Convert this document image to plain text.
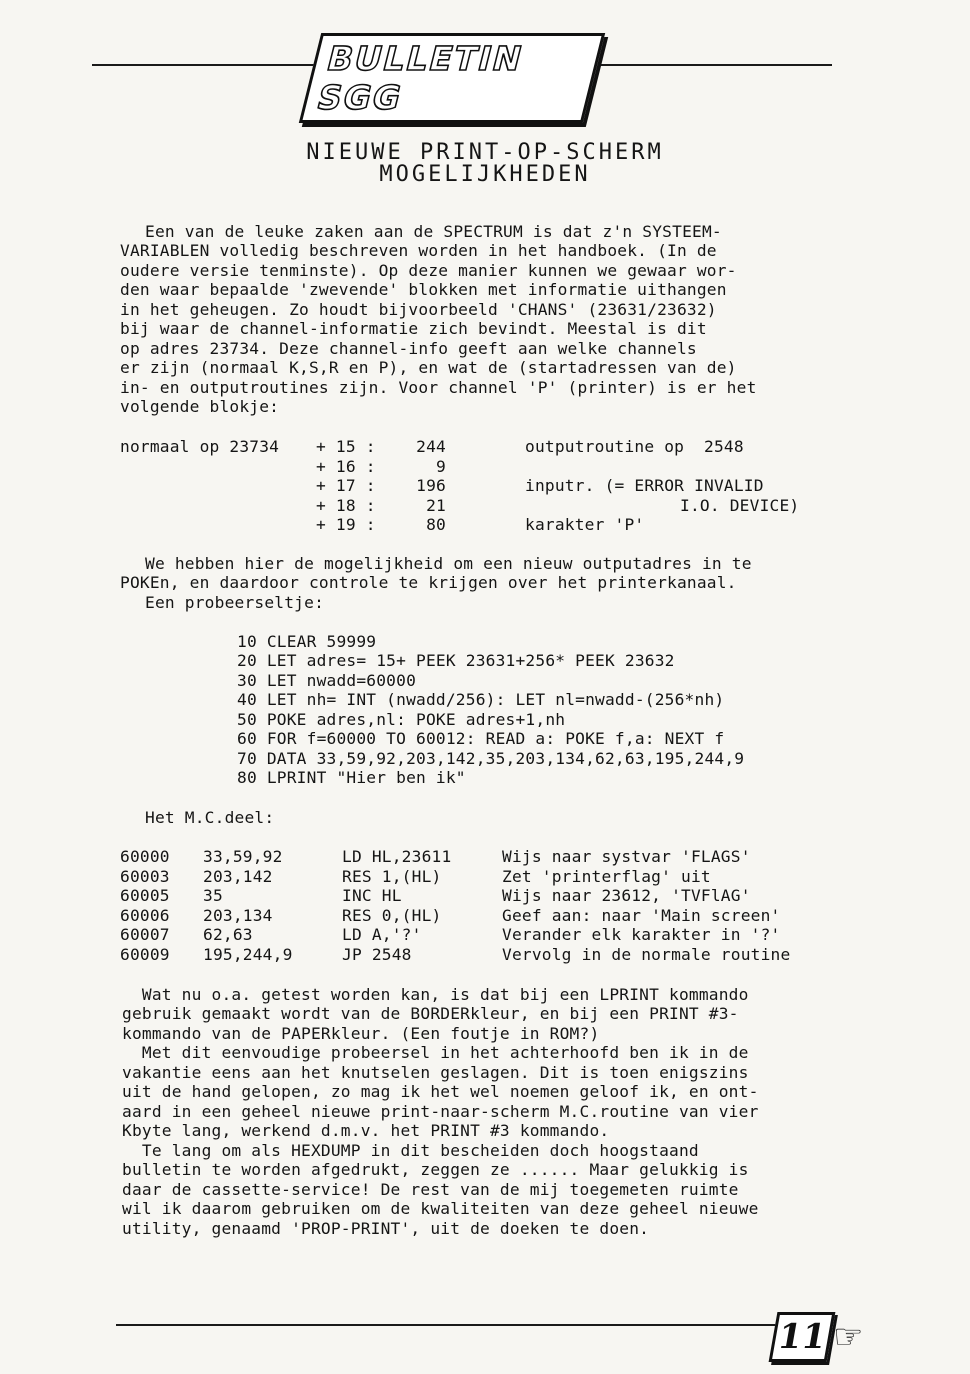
BULLETIN SGG
NIEUWE PRINT-OP-SCHERM
MOGELIJKHEDEN
Een van de leuke zaken aan de SPECTRUM is dat z'n SYSTEEM-
VARIABLEN volledig beschreven worden in het handboek. (In de
oudere versie tenminste). Op deze manier kunnen we gewaar wor-
den waar bepaalde 'zwevende' blokken met informatie uithangen
in het geheugen. Zo houdt bijvoorbeeld 'CHANS' (23631/23632)
bij waar de channel-informatie zich bevindt. Meestal is dit
op adres 23734. Deze channel-info geeft aan welke channels
er zijn (normaal K,S,R en P), en wat de (startadressen van de)
in- en outputroutines zijn. Voor channel 'P' (printer) is er het
volgende blokje:
normaal op 23734 + 15 :	244	outputroutine op  2548
+ 16 :	9
+ 17 :	196	inputr. (= ERROR INVALID
+ 18 :	21	I.O. DEVICE)
+ 19 :	80	karakter 'P'
We hebben hier de mogelijkheid om een nieuw outputadres in te
POKEn, en daardoor controle te krijgen over het printerkanaal.
Een probeerseltje:
10 CLEAR 59999
20 LET adres= 15+ PEEK 23631+256* PEEK 23632
30 LET nwadd=60000
40 LET nh= INT (nwadd/256): LET nl=nwadd-(256*nh)
50 POKE adres,nl: POKE adres+1,nh
60 FOR f=60000 TO 60012: READ a: POKE f,a: NEXT f
70 DATA 33,59,92,203,142,35,203,134,62,63,195,244,9
80 LPRINT "Hier ben ik"
Het M.C.deel:
60000 33,59,92	LD HL,23611	Wijs naar systvar 'FLAGS'
60003 203,142	RES 1,(HL)	Zet 'printerflag' uit
60005 35	INC HL	Wijs naar 23612, 'TVFlAG'
60006 203,134	RES 0,(HL)	Geef aan: naar 'Main screen'
60007 62,63	LD A,'?'	Verander elk karakter in '?'
60009 195,244,9	JP 2548	Vervolg in de normale routine
Wat nu o.a. getest worden kan, is dat bij een LPRINT kommando
gebruik gemaakt wordt van de BORDERkleur, en bij een PRINT #3-
kommando van de PAPERkleur. (Een foutje in ROM?)
Met dit eenvoudige probeersel in het achterhoofd ben ik in de
vakantie eens aan het knutselen geslagen. Dit is toen enigszins
uit de hand gelopen, zo mag ik het wel noemen geloof ik, en ont-
aard in een geheel nieuwe print-naar-scherm M.C.routine van vier
Kbyte lang, werkend d.m.v. het PRINT #3 kommando.
Te lang om als HEXDUMP in dit bescheiden doch hoogstaand
bulletin te worden afgedrukt, zeggen ze ...... Maar gelukkig is
daar de cassette-service! De rest van de mij toegemeten ruimte
wil ik daarom gebruiken om de kwaliteiten van deze geheel nieuwe
utility, genaamd 'PROP-PRINT', uit de doeken te doen.
11 ☞
